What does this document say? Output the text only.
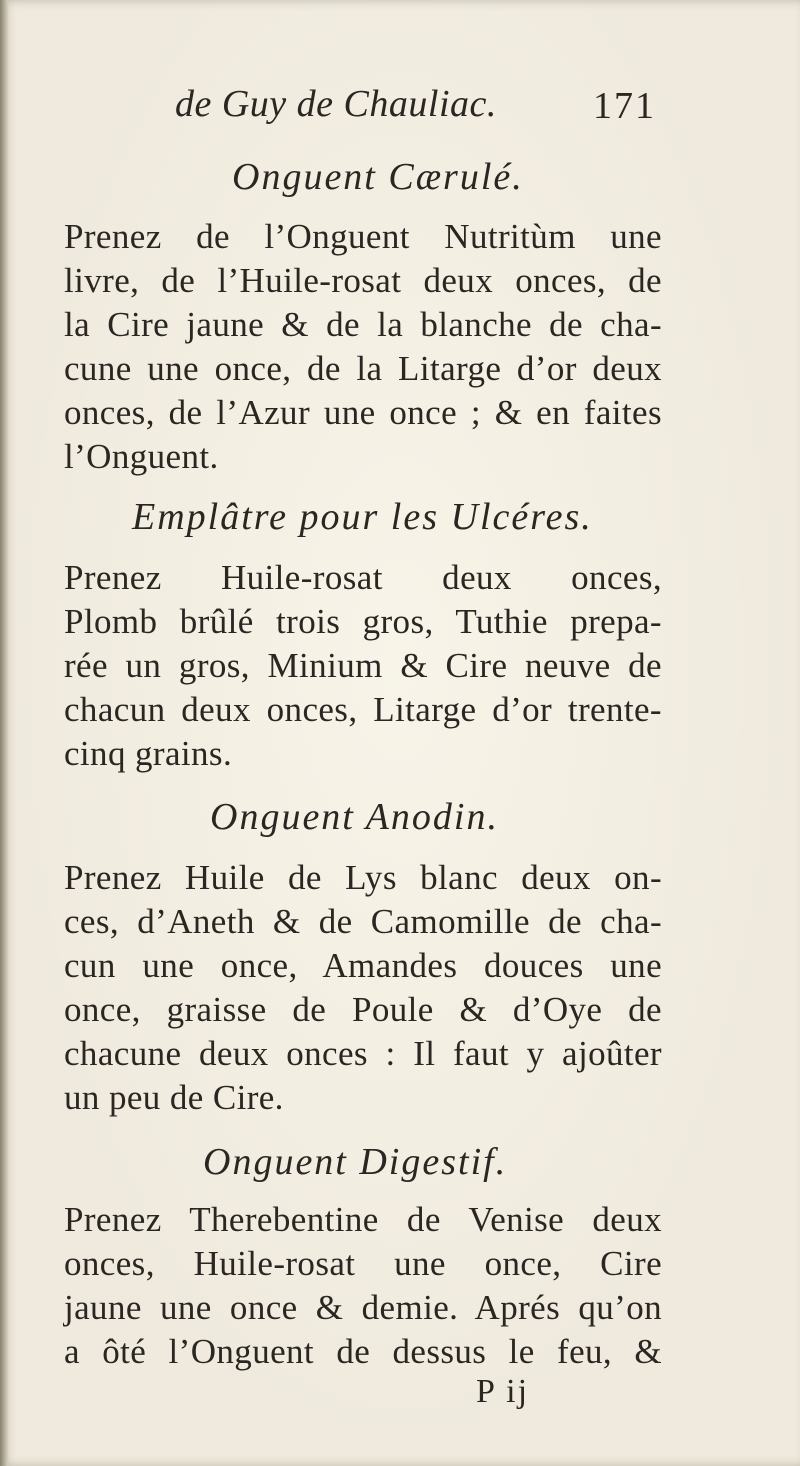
de Guy de Chauliac.	171
Onguent Cærulé.
Prenez de l’Onguent Nutritùm une
livre, de l’Huile-rosat deux onces, de
la Cire jaune & de la blanche de cha-
cune une once, de la Litarge d’or deux
onces, de l’Azur une once ; & en faites
l’Onguent.
Emplâtre pour les Ulcéres.
Prenez Huile-rosat deux onces,
Plomb brûlé trois gros, Tuthie prepa-
rée un gros, Minium & Cire neuve de
chacun deux onces, Litarge d’or trente-
cinq grains.
Onguent Anodin.
Prenez Huile de Lys blanc deux on-
ces, d’Aneth & de Camomille de cha-
cun une once, Amandes douces une
once, graisse de Poule & d’Oye de
chacune deux onces : Il faut y ajoûter
un peu de Cire.
Onguent Digestif.
Prenez Therebentine de Venise deux
onces, Huile-rosat une once, Cire
jaune une once & demie. Aprés qu’on
a ôté l’Onguent de dessus le feu, &
P ij
